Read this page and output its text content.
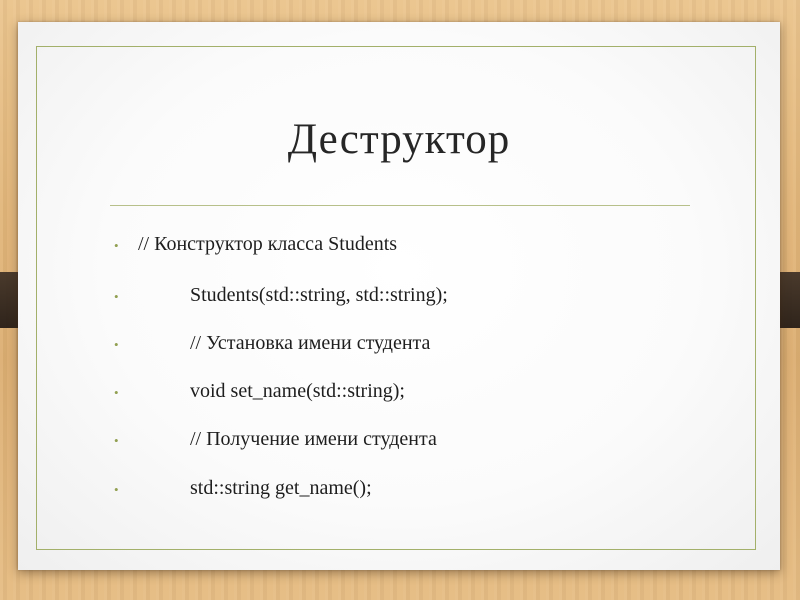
Деструктор
• // Конструктор класса Students
•	Students(std::string, std::string);
•	// Установка имени студента
•	void set_name(std::string);
•	// Получение имени студента
•	std::string get_name();
